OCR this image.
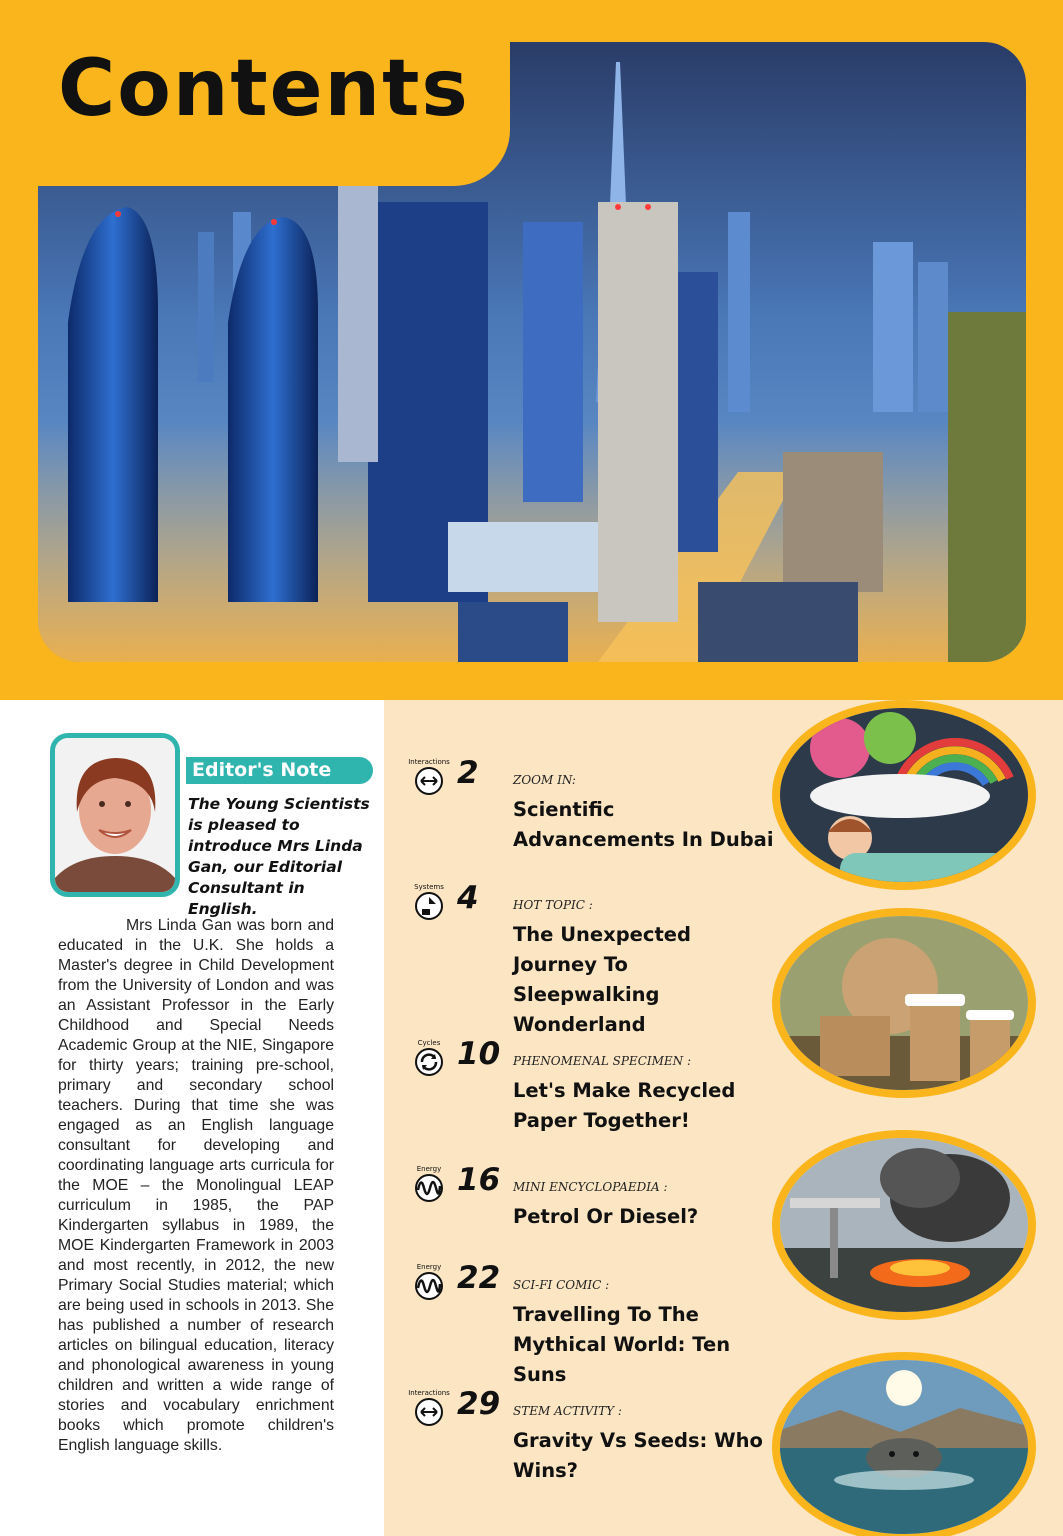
Contents
Editor's Note
The Young Scientists is pleased to introduce Mrs Linda Gan, our Editorial Consultant in English.
Mrs Linda Gan was born and educated in the U.K. She holds a Master's degree in Child Development from the University of London and was an Assistant Professor in the Early Childhood and Special Needs Academic Group at the NIE, Singapore for thirty years; training pre-school, primary and secondary school teachers. During that time she was engaged as an English language consultant for developing and coordinating language arts curricula for the MOE – the Monolingual LEAP curriculum in 1985, the PAP Kindergarten syllabus in 1989, the MOE Kindergarten Framework in 2003 and most recently, in 2012, the new Primary Social Studies material; which are being used in schools in 2013. She has published a number of research articles on bilingual education, literacy and phonological awareness in young children and written a wide range of stories and vocabulary enrichment books which promote children's English language skills.
Interactions 2	ZOOM IN:
Scientific Advancements In Dubai
Systems 4	HOT TOPIC :
The Unexpected Journey To Sleepwalking Wonderland
Cycles 10 PHENOMENAL SPECIMEN :
Let's Make Recycled Paper Together!
Energy 16 MINI ENCYCLOPAEDIA :
Petrol Or Diesel?
Energy 22 SCI-FI COMIC :
Travelling To The Mythical World: Ten Suns
Interactions 29 STEM ACTIVITY :
Gravity Vs Seeds: Who Wins?
